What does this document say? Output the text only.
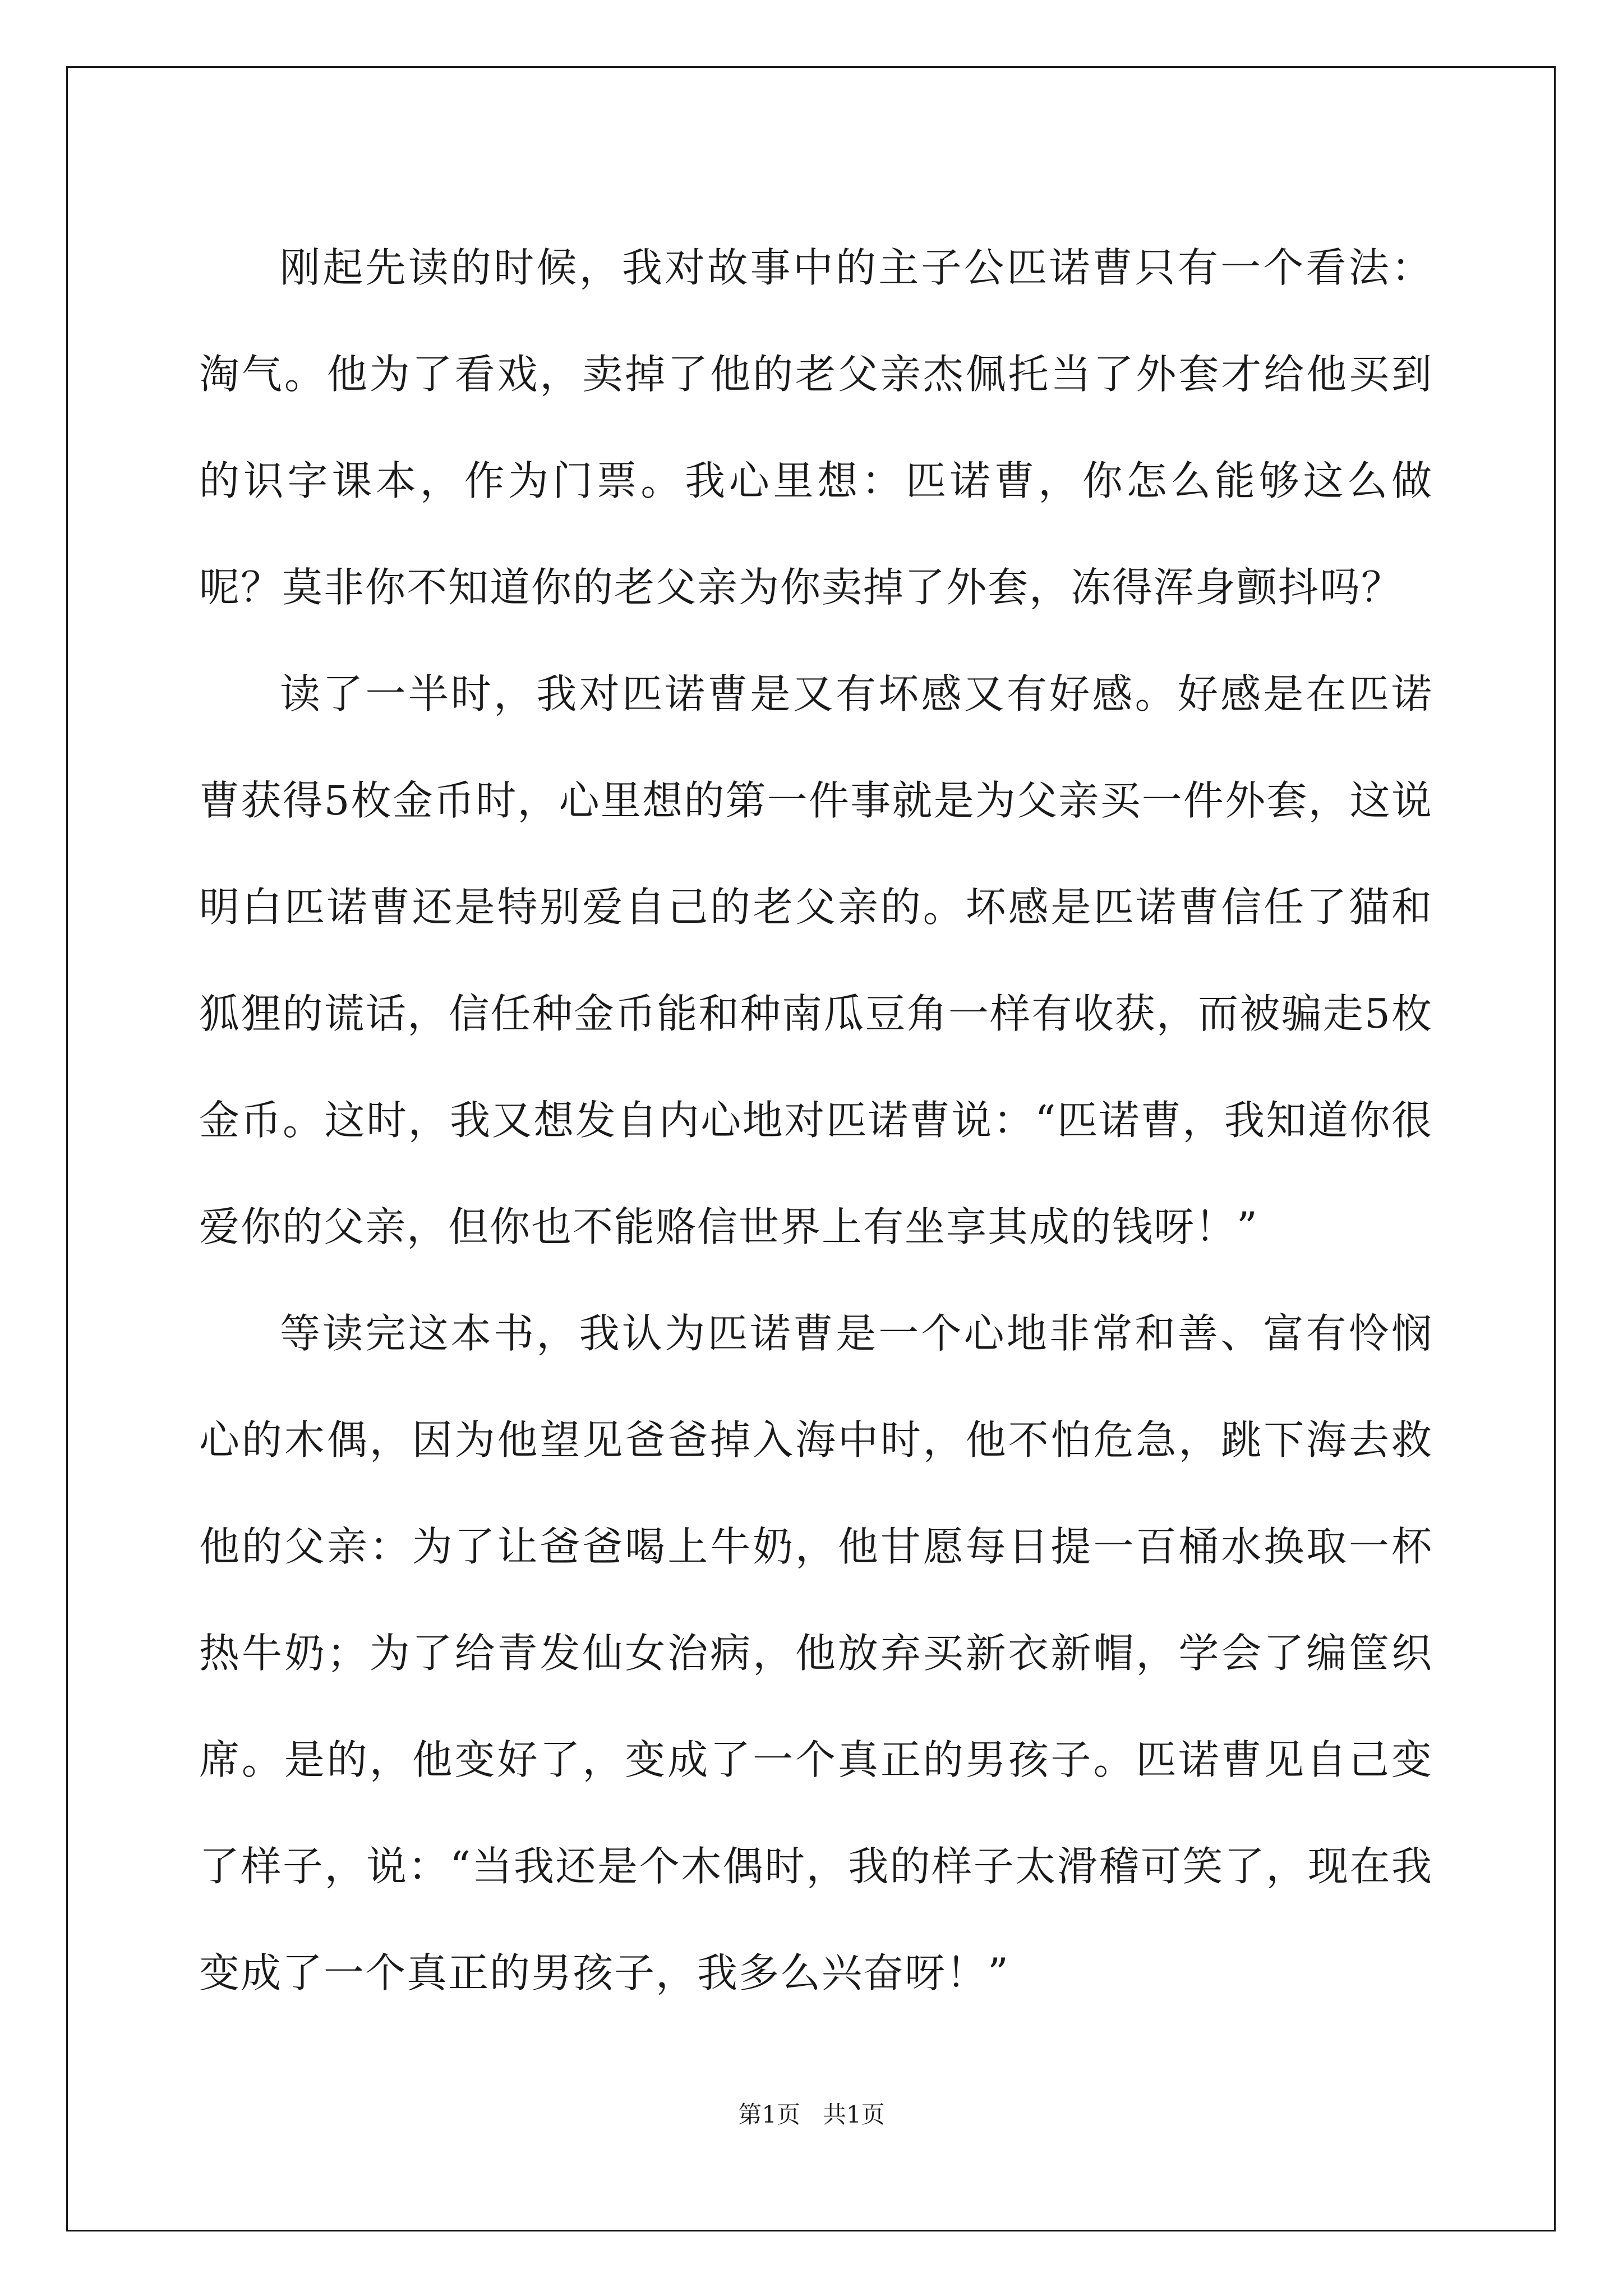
刚起先读的时候，我对故事中的主子公匹诺曹只有一个看法：淘气。他为了看戏，卖掉了他的老父亲杰佩托当了外套才给他买到的识字课本，作为门票。我心里想：匹诺曹，你怎么能够这么做呢？莫非你不知道你的老父亲为你卖掉了外套，冻得浑身颤抖吗？

读了一半时，我对匹诺曹是又有坏感又有好感。好感是在匹诺曹获得5枚金币时，心里想的第一件事就是为父亲买一件外套，这说明白匹诺曹还是特别爱自己的老父亲的。坏感是匹诺曹信任了猫和狐狸的谎话，信任种金币能和种南瓜豆角一样有收获，而被骗走5枚金币。这时，我又想发自内心地对匹诺曹说：“匹诺曹，我知道你很爱你的父亲，但你也不能赂信世界上有坐享其成的钱呀！”

等读完这本书，我认为匹诺曹是一个心地非常和善、富有怜悯心的木偶，因为他望见爸爸掉入海中时，他不怕危急，跳下海去救他的父亲：为了让爸爸喝上牛奶，他甘愿每日提一百桶水换取一杯热牛奶；为了给青发仙女治病，他放弃买新衣新帽，学会了编筐织席。是的，他变好了，变成了一个真正的男孩子。匹诺曹见自己变了样子，说：“当我还是个木偶时，我的样子太滑稽可笑了，现在我变成了一个真正的男孩子，我多么兴奋呀！”

第1页   共1页
